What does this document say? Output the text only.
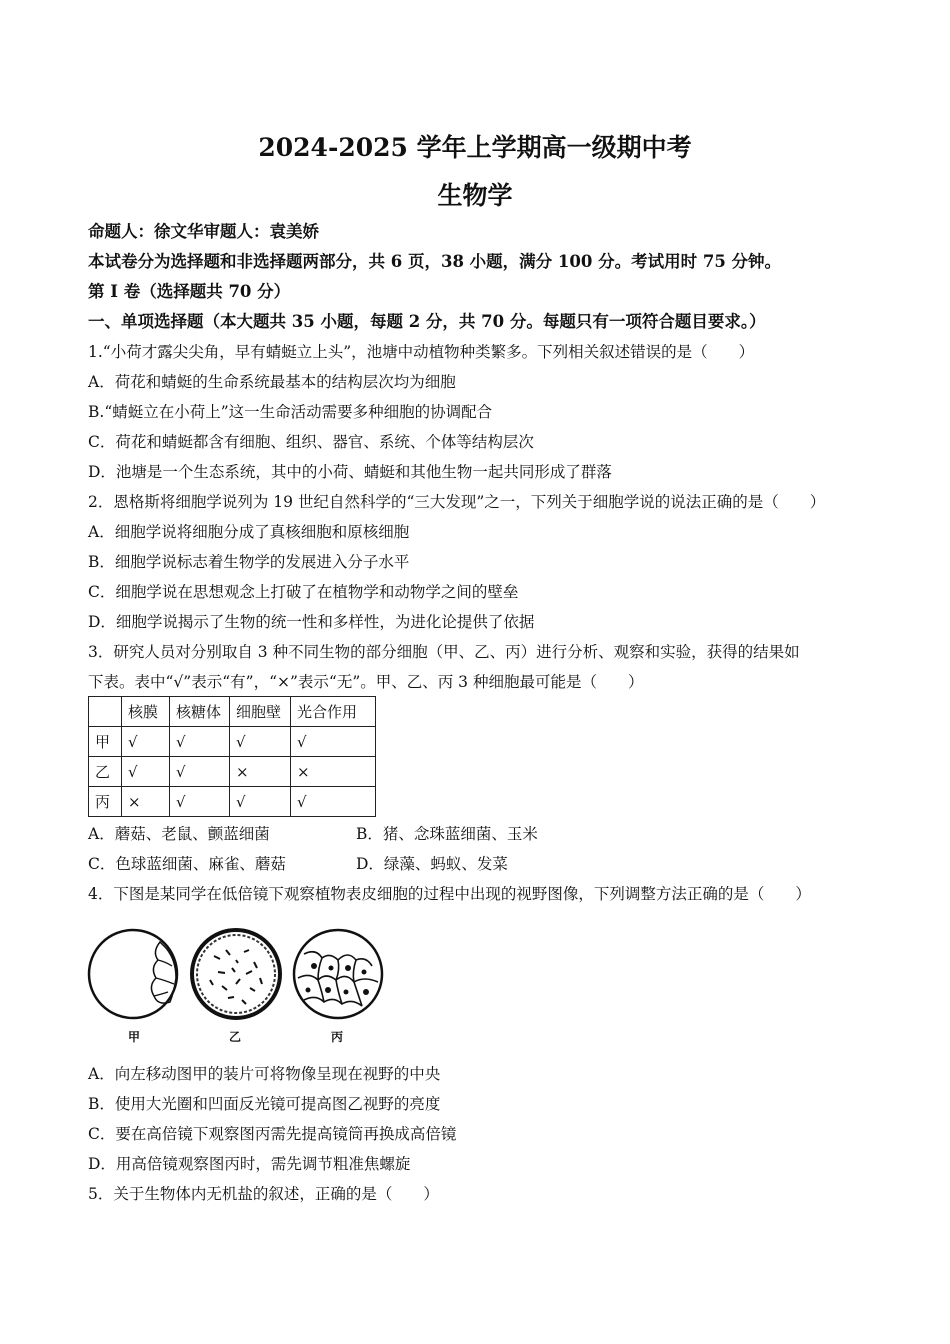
2024-2025 学年上学期高一级期中考
生物学
命题人：徐文华审题人：袁美娇
本试卷分为选择题和非选择题两部分，共 6 页，38 小题，满分 100 分。考试用时 75 分钟。
第 I 卷（选择题共 70 分）
一、单项选择题（本大题共 35 小题，每题 2 分，共 70 分。每题只有一项符合题目要求。）
1.“小荷才露尖尖角，早有蜻蜓立上头”，池塘中动植物种类繁多。下列相关叙述错误的是（　　）
A．荷花和蜻蜓的生命系统最基本的结构层次均为细胞
B.“蜻蜓立在小荷上”这一生命活动需要多种细胞的协调配合
C．荷花和蜻蜓都含有细胞、组织、器官、系统、个体等结构层次
D．池塘是一个生态系统，其中的小荷、蜻蜓和其他生物一起共同形成了群落
2．恩格斯将细胞学说列为 19 世纪自然科学的“三大发现”之一，下列关于细胞学说的说法正确的是（　　）
A．细胞学说将细胞分成了真核细胞和原核细胞
B．细胞学说标志着生物学的发展进入分子水平
C．细胞学说在思想观念上打破了在植物学和动物学之间的壁垒
D．细胞学说揭示了生物的统一性和多样性，为进化论提供了依据
3．研究人员对分别取自 3 种不同生物的部分细胞（甲、乙、丙）进行分析、观察和实验，获得的结果如
下表。表中“√”表示“有”，“×”表示“无”。甲、乙、丙 3 种细胞最可能是（　　）
	核膜	核糖体	细胞壁	光合作用
甲	√	√	√	√
乙	√	√	×	×
丙	×	√	√	√
A．蘑菇、老鼠、颤蓝细菌	B．猪、念珠蓝细菌、玉米
C．色球蓝细菌、麻雀、蘑菇	D．绿藻、蚂蚁、发菜
4．下图是某同学在低倍镜下观察植物表皮细胞的过程中出现的视野图像，下列调整方法正确的是（　　）
甲	乙	丙
A．向左移动图甲的装片可将物像呈现在视野的中央
B．使用大光圈和凹面反光镜可提高图乙视野的亮度
C．要在高倍镜下观察图丙需先提高镜筒再换成高倍镜
D．用高倍镜观察图丙时，需先调节粗准焦螺旋
5．关于生物体内无机盐的叙述，正确的是（　　）
